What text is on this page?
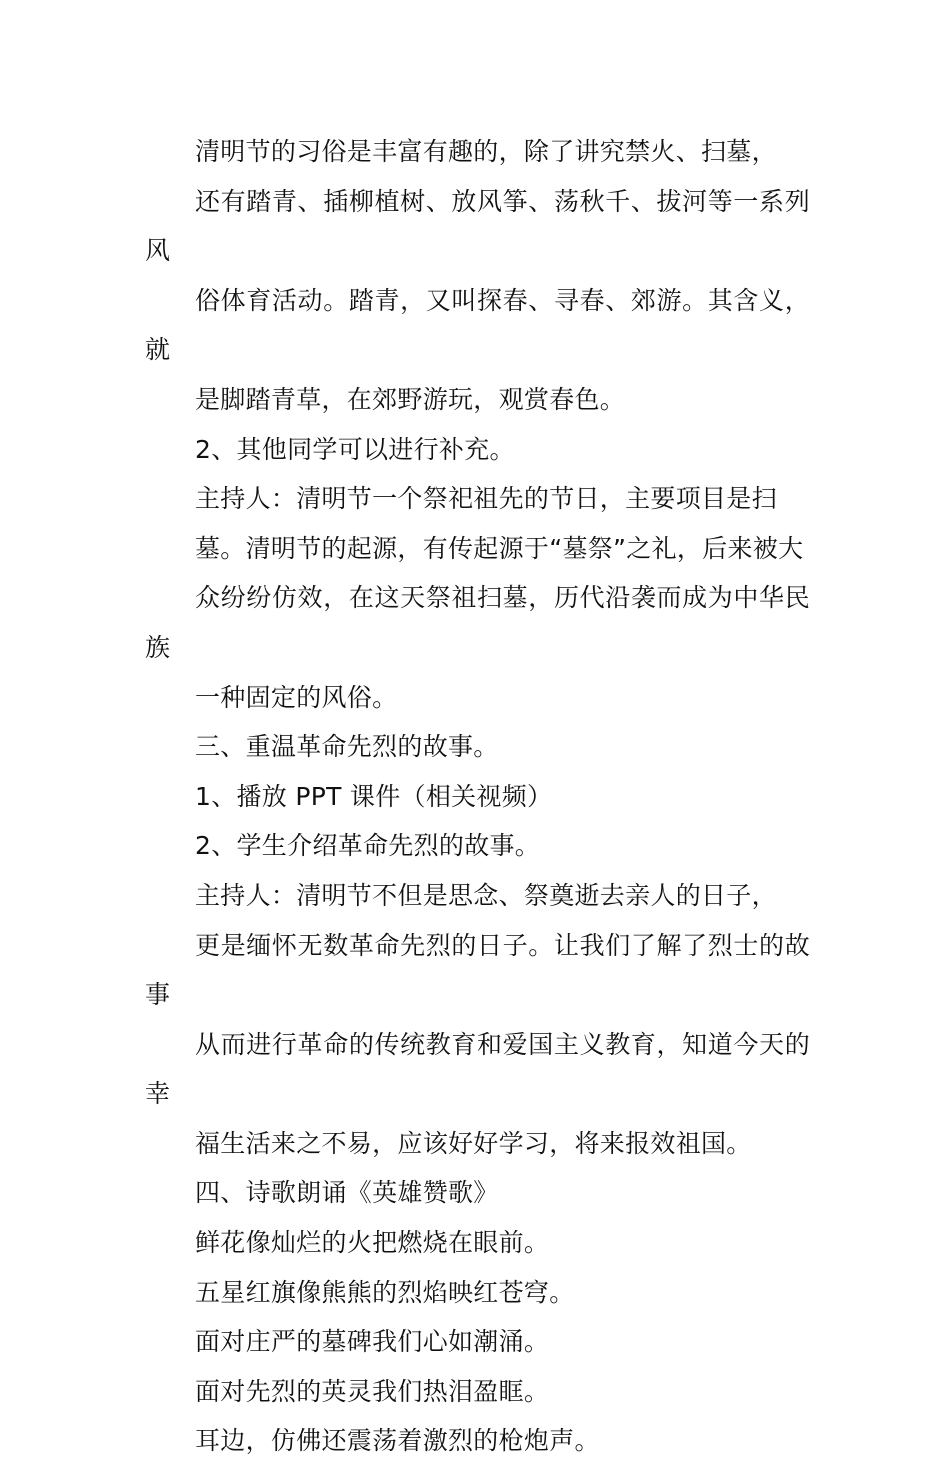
清明节的习俗是丰富有趣的，除了讲究禁火、扫墓，
还有踏青、插柳植树、放风筝、荡秋千、拔河等一系列风
俗体育活动。踏青，又叫探春、寻春、郊游。其含义，就
是脚踏青草，在郊野游玩，观赏春色。

2、其他同学可以进行补充。

主持人：清明节一个祭祀祖先的节日，主要项目是扫
墓。清明节的起源，有传起源于“墓祭”之礼，后来被大
众纷纷仿效，在这天祭祖扫墓，历代沿袭而成为中华民族
一种固定的风俗。

三、重温革命先烈的故事。

1、播放 PPT 课件（相关视频）

2、学生介绍革命先烈的故事。

主持人：清明节不但是思念、祭奠逝去亲人的日子，
更是缅怀无数革命先烈的日子。让我们了解了烈士的故事
从而进行革命的传统教育和爱国主义教育，知道今天的幸
福生活来之不易，应该好好学习，将来报效祖国。

四、诗歌朗诵《英雄赞歌》

鲜花像灿烂的火把燃烧在眼前。

五星红旗像熊熊的烈焰映红苍穹。

面对庄严的墓碑我们心如潮涌。

面对先烈的英灵我们热泪盈眶。

耳边，仿佛还震荡着激烈的枪炮声。
